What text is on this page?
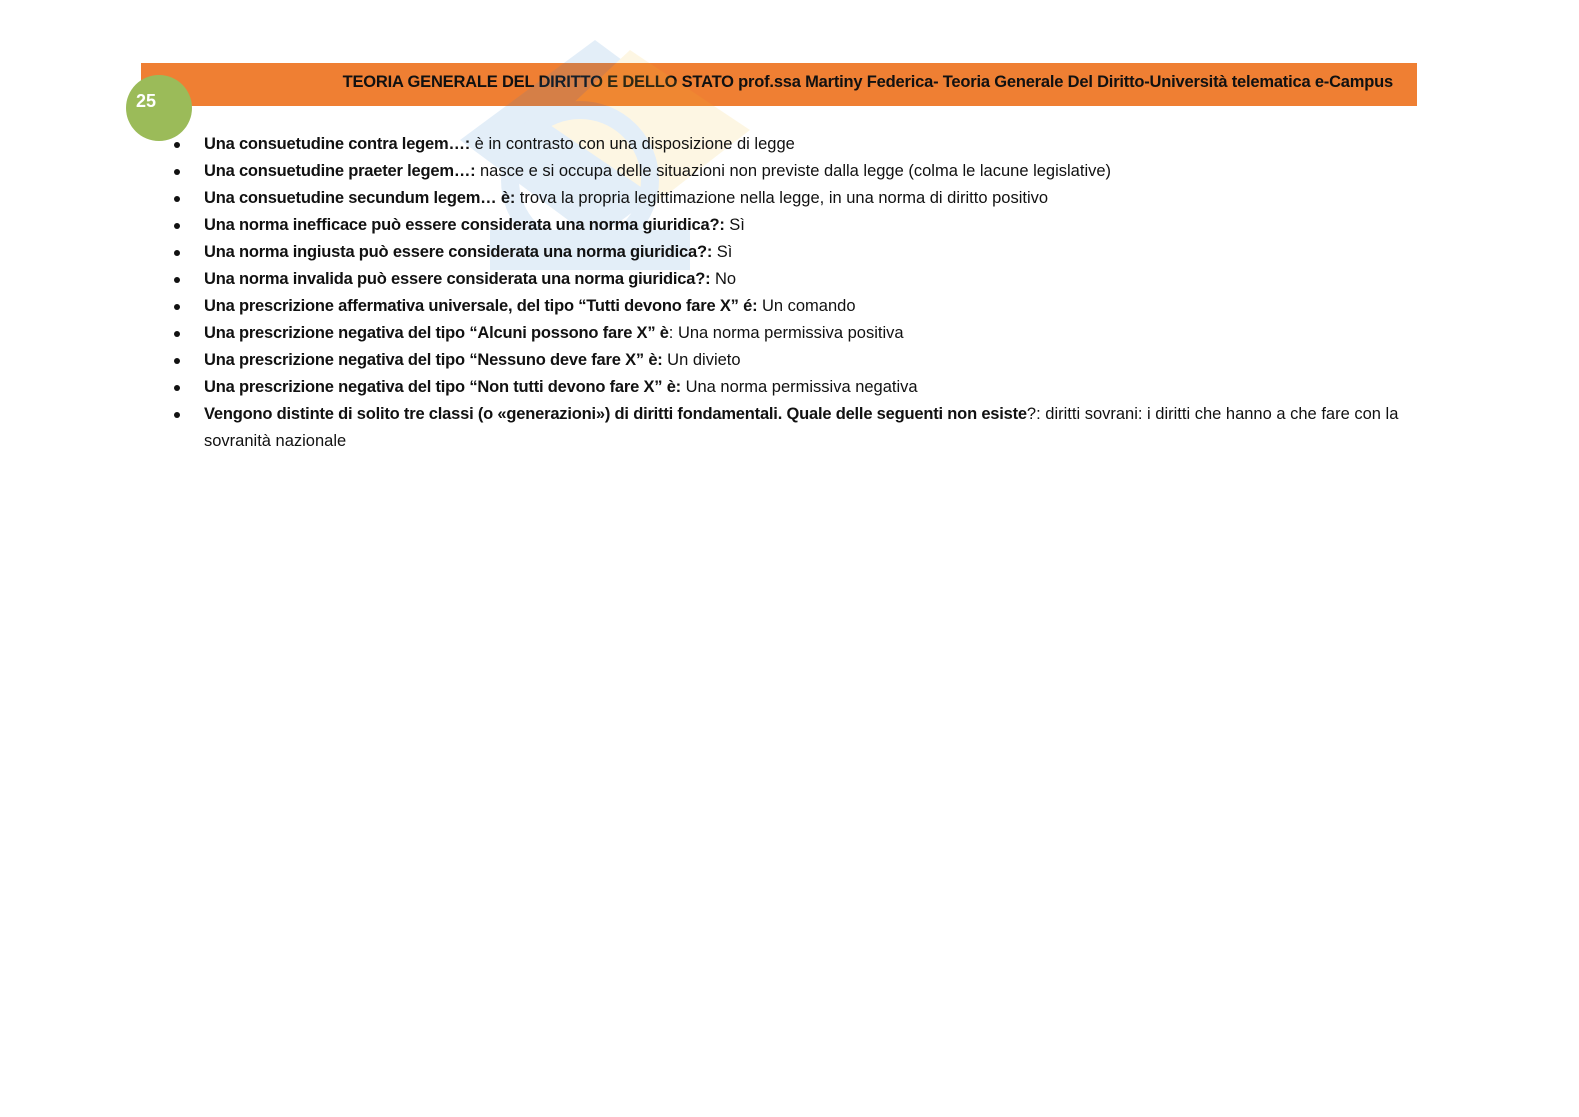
TEORIA GENERALE DEL DIRITTO E DELLO STATO prof.ssa Martiny Federica- Teoria Generale Del Diritto-Università telematica e-Campus
25
Una consuetudine contra legem…: è in contrasto con una disposizione di legge
Una consuetudine praeter legem…: nasce e si occupa delle situazioni non previste dalla legge (colma le lacune legislative)
Una consuetudine secundum legem… è: trova la propria legittimazione nella legge, in una norma di diritto positivo
Una norma inefficace può essere considerata una norma giuridica?: Sì
Una norma ingiusta può essere considerata una norma giuridica?: Sì
Una norma invalida può essere considerata una norma giuridica?: No
Una prescrizione affermativa universale, del tipo “Tutti devono fare X” é: Un comando
Una prescrizione negativa del tipo “Alcuni possono fare X” è: Una norma permissiva positiva
Una prescrizione negativa del tipo “Nessuno deve fare X” è: Un divieto
Una prescrizione negativa del tipo “Non tutti devono fare X” è: Una norma permissiva negativa
Vengono distinte di solito tre classi (o «generazioni») di diritti fondamentali. Quale delle seguenti non esiste?: diritti sovrani: i diritti che hanno a che fare con la sovranità nazionale
